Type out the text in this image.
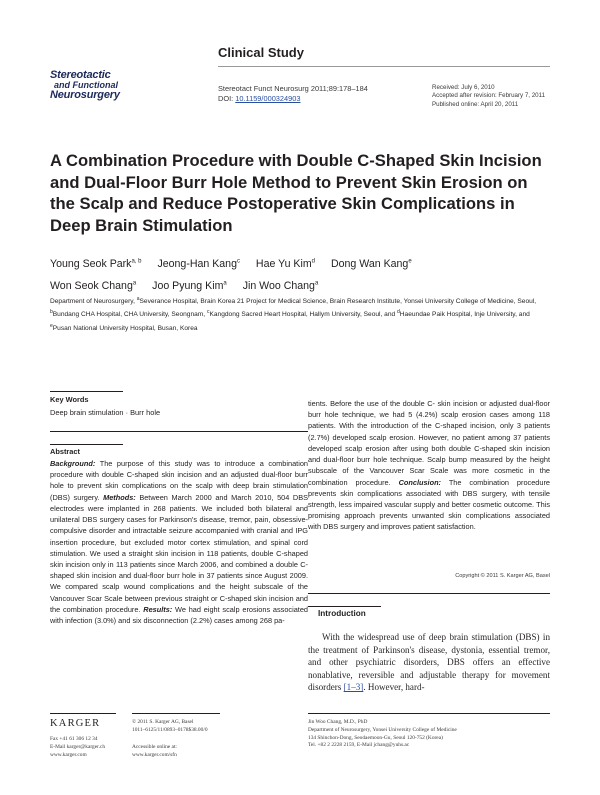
Clinical Study
Stereotactic
and Functional
Neurosurgery
Stereotact Funct Neurosurg 2011;89:178–184
DOI: 10.1159/000324903
Received: July 6, 2010
Accepted after revision: February 7, 2011
Published online: April 20, 2011
A Combination Procedure with Double C-Shaped Skin Incision and Dual-Floor Burr Hole Method to Prevent Skin Erosion on the Scalp and Reduce Postoperative Skin Complications in Deep Brain Stimulation
Young Seok Park$^{a, b}$ Jeong-Han Kang$^c$ Hae Yu Kim$^d$ Dong Wan Kang$^e$
Won Seok Chang$^a$ Joo Pyung Kim$^a$ Jin Woo Chang$^a$
Department of Neurosurgery, $^a$Severance Hospital, Brain Korea 21 Project for Medical Science, Brain Research Institute, Yonsei University College of Medicine, Seoul, $^b$Bundang CHA Hospital, CHA University, Seongnam, $^c$Kangdong Sacred Heart Hospital, Hallym University, Seoul, and $^d$Haeundae Paik Hospital, Inje University, and $^e$Pusan National University Hospital, Busan, Korea
Key Words
Deep brain stimulation · Burr hole
Abstract
Background: The purpose of this study was to introduce a combination procedure with double C-shaped skin incision and an adjusted dual-floor burr hole to prevent skin complications on the scalp with deep brain stimulation (DBS) surgery. Methods: Between March 2000 and March 2010, 504 DBS electrodes were implanted in 268 patients. We included both bilateral and unilateral DBS surgery cases for Parkinson's disease, tremor, pain, obsessive-compulsive disorder and intractable seizure accompanied with cranial and IPG insertion procedure, but excluded motor cortex stimulation, and spinal cord stimulation. We used a straight skin incision in 118 patients, double C-shaped skin incision only in 113 patients since March 2006, and combined a double C-shaped skin incision and dual-floor burr hole in 37 patients since August 2009. We compared scalp wound complications and the height subscale of the Vancouver Scar Scale between previous straight or C-shaped skin incision and the combination procedure. Results: We had eight scalp erosions associated with infection (3.0%) and six disconnection (2.2%) cases among 268 pa-
tients. Before the use of the double C- skin incision or adjusted dual-floor burr hole technique, we had 5 (4.2%) scalp erosion cases among 118 patients. With the introduction of the C-shaped incision, only 3 patients (2.7%) developed scalp erosion. However, no patient among 37 patients developed scalp erosion after using both double C-shaped skin incision and dual-floor burr hole technique. Scalp bump measured by the height subscale of the Vancouver Scar Scale was more cosmetic in the combination procedure. Conclusion: The combination procedure prevents skin complications associated with DBS surgery, with tensile strength, less impaired vascular supply and better cosmetic outcome. This promising approach prevents unwanted skin complications associated with DBS surgery and improves patient satisfaction.
Copyright © 2011 S. Karger AG, Basel
Introduction
With the widespread use of deep brain stimulation (DBS) in the treatment of Parkinson's disease, dystonia, essential tremor, and other psychiatric disorders, DBS offers an effective nonablative, reversible and adjustable therapy for movement disorders [1–3]. However, hard-
KARGER
Fax +41 61 306 12 34
E-Mail karger@karger.ch
www.karger.com
© 2011 S. Karger AG, Basel
1011–6125/11/0893–0178$38.00/0
Accessible online at:
www.karger.com/sfn
Jin Woo Chang, M.D., PhD
Department of Neurosurgery, Yonsei University College of Medicine
134 Shinchon-Dong, Seodaemoon-Gu, Seoul 120-752 (Korea)
Tel. +82 2 2228 2159, E-Mail jchang@yuhs.ac
